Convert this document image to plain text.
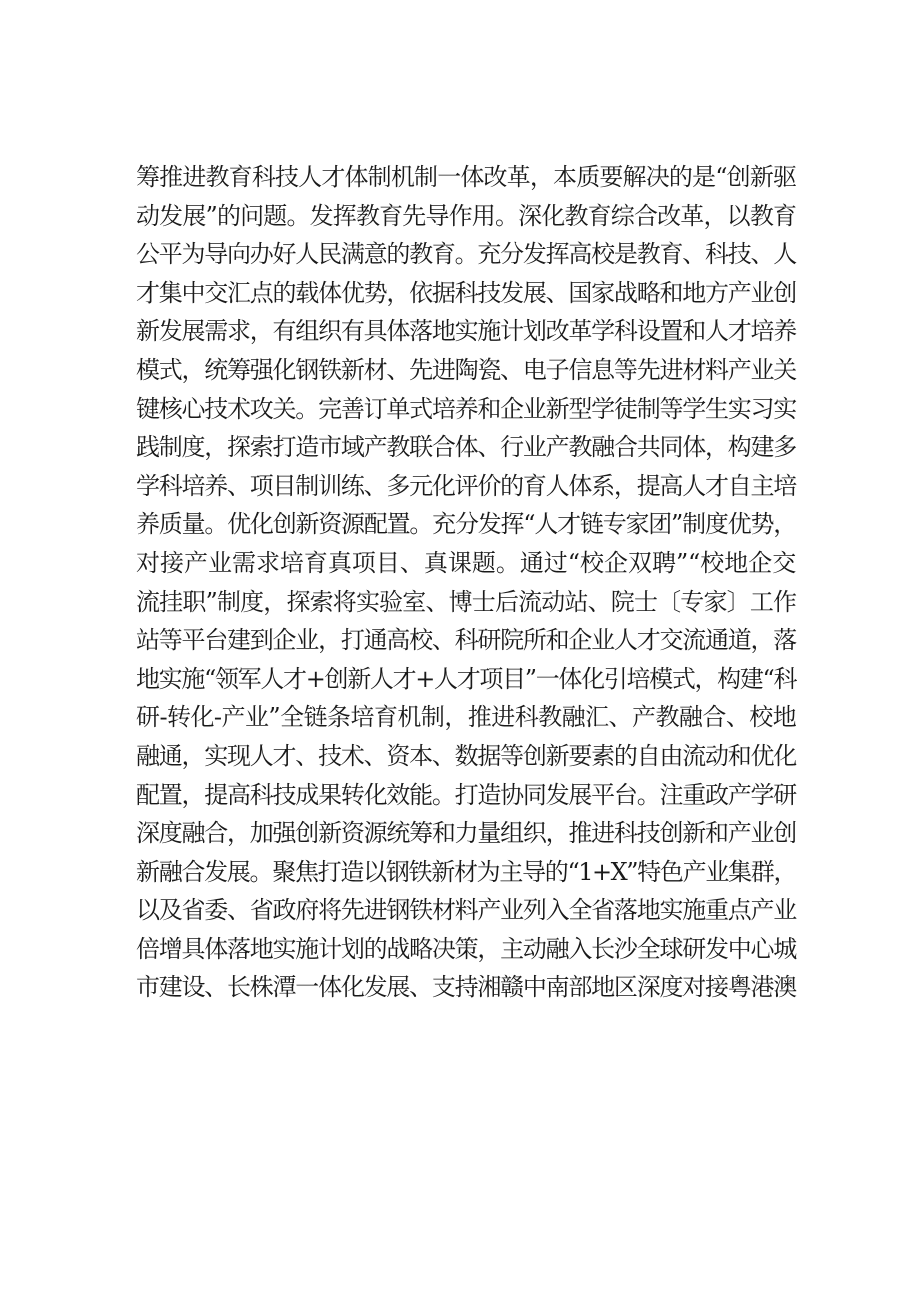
筹推进教育科技人才体制机制一体改革，本质要解决的是“创新驱
动发展”的问题。发挥教育先导作用。深化教育综合改革，以教育
公平为导向办好人民满意的教育。充分发挥高校是教育、科技、人
才集中交汇点的载体优势，依据科技发展、国家战略和地方产业创
新发展需求，有组织有具体落地实施计划改革学科设置和人才培养
模式，统筹强化钢铁新材、先进陶瓷、电子信息等先进材料产业关
键核心技术攻关。完善订单式培养和企业新型学徒制等学生实习实
践制度，探索打造市域产教联合体、行业产教融合共同体，构建多
学科培养、项目制训练、多元化评价的育人体系，提高人才自主培
养质量。优化创新资源配置。充分发挥“人才链专家团”制度优势，
对接产业需求培育真项目、真课题。通过“校企双聘”“校地企交
流挂职”制度，探索将实验室、博士后流动站、院士〔专家〕工作
站等平台建到企业，打通高校、科研院所和企业人才交流通道，落
地实施“领军人才+创新人才+人才项目”一体化引培模式，构建“科
研-转化-产业”全链条培育机制，推进科教融汇、产教融合、校地
融通，实现人才、技术、资本、数据等创新要素的自由流动和优化
配置，提高科技成果转化效能。打造协同发展平台。注重政产学研
深度融合，加强创新资源统筹和力量组织，推进科技创新和产业创
新融合发展。聚焦打造以钢铁新材为主导的“1+X”特色产业集群，
以及省委、省政府将先进钢铁材料产业列入全省落地实施重点产业
倍增具体落地实施计划的战略决策，主动融入长沙全球研发中心城
市建设、长株潭一体化发展、支持湘赣中南部地区深度对接粤港澳
